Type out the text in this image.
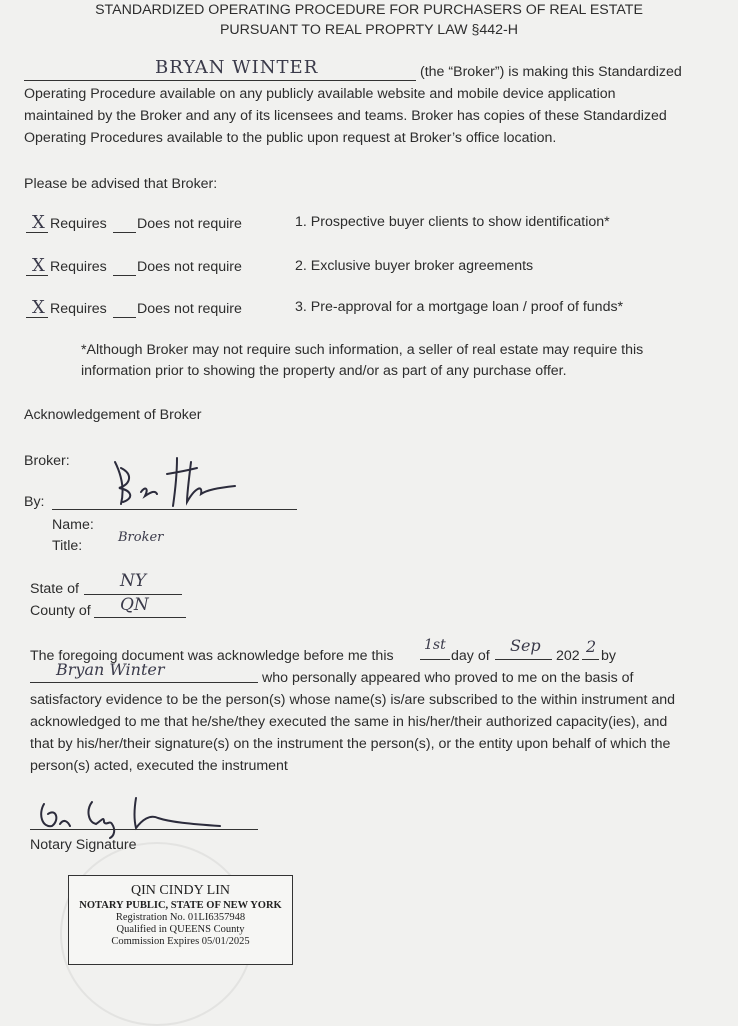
STANDARDIZED OPERATING PROCEDURE FOR PURCHASERS OF REAL ESTATE
PURSUANT TO REAL PROPRTY LAW §442-H
BRYAN WINTER	(the “Broker”) is making this Standardized
Operating Procedure available on any publicly available website and mobile device application
maintained by the Broker and any of its licensees and teams. Broker has copies of these Standardized
Operating Procedures available to the public upon request at Broker’s office location.
Please be advised that Broker:
X Requires Does not require	1. Prospective buyer clients to show identification*
X Requires Does not require	2. Exclusive buyer broker agreements
X Requires Does not require	3. Pre-approval for a mortgage loan / proof of funds*
*Although Broker may not require such information, a seller of real estate may require this
information prior to showing the property and/or as part of any purchase offer.
Acknowledgement of Broker
Broker:
By:
Name:
Title:
Broker
State of NY
County of QN
The foregoing document was acknowledge before me this
1st
day of
Sep
202 2 by
Bryan Winter	who personally appeared who proved to me on the basis of
satisfactory evidence to be the person(s) whose name(s) is/are subscribed to the within instrument and
acknowledged to me that he/she/they executed the same in his/her/their authorized capacity(ies), and
that by his/her/their signature(s) on the instrument the person(s), or the entity upon behalf of which the
person(s) acted, executed the instrument
Notary Signature
QIN CINDY LIN
NOTARY PUBLIC, STATE OF NEW YORK
Registration No. 01LI6357948
Qualified in QUEENS County
Commission Expires 05/01/2025
